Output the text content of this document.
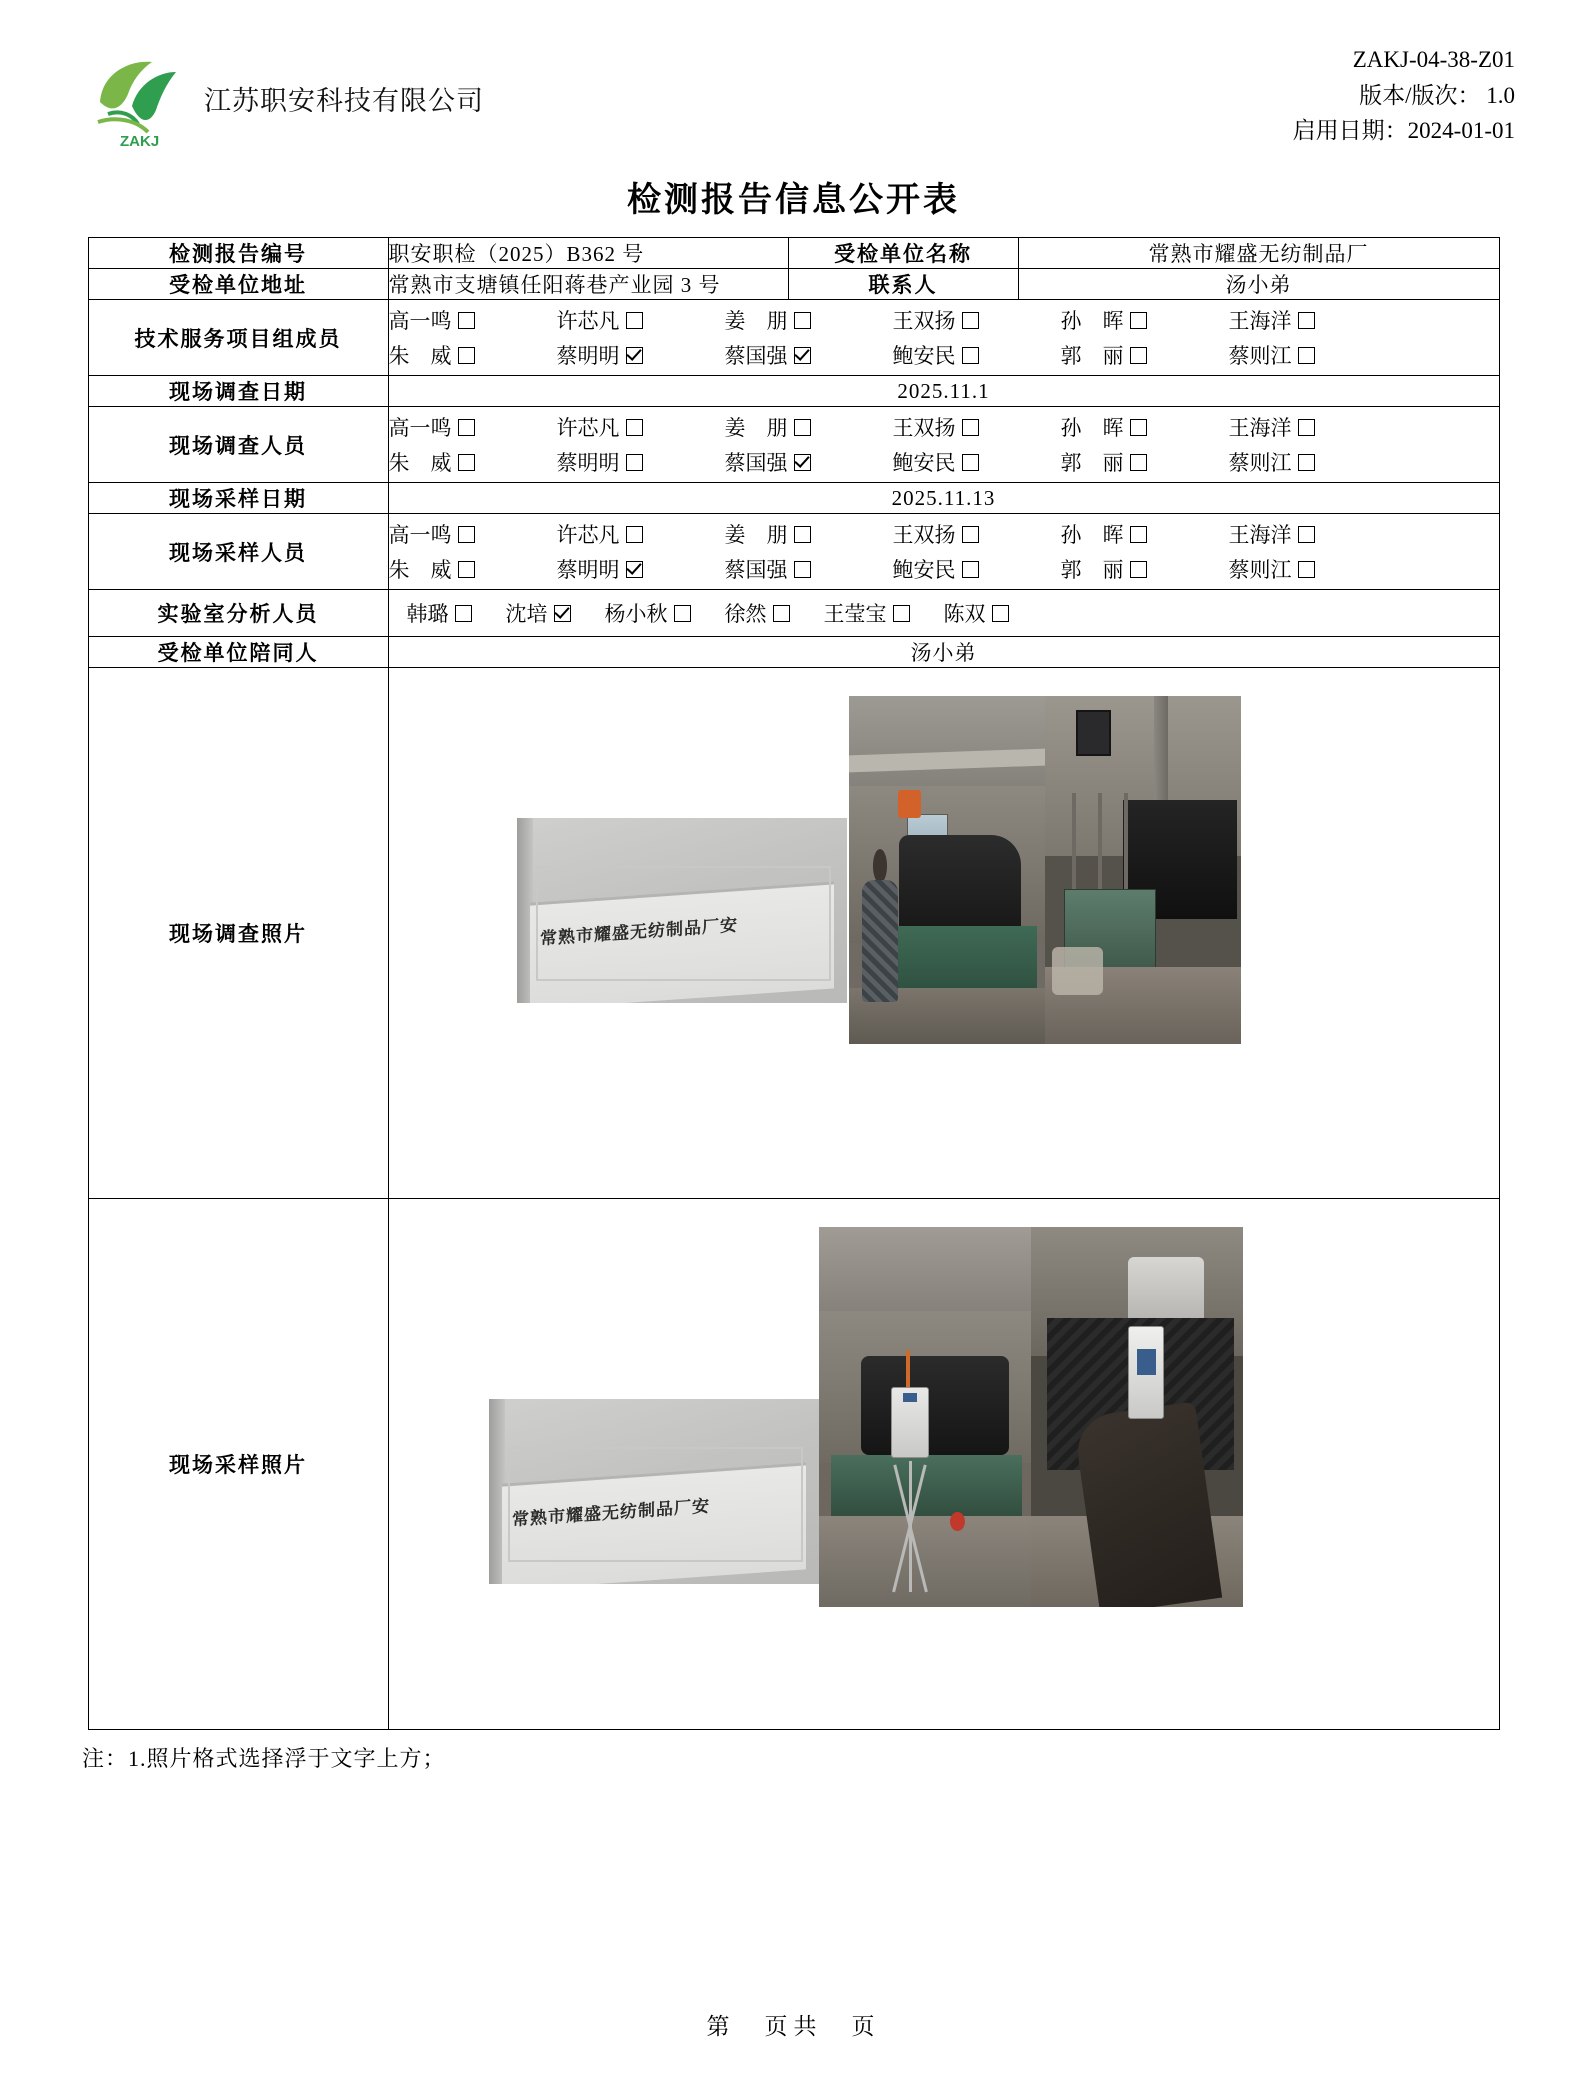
ZAKJ
江苏职安科技有限公司
ZAKJ-04-38-Z01
版本/版次： 1.0
启用日期：2024-01-01
检测报告信息公开表
检测报告编号	职安职检（2025）B362 号	受检单位名称	常熟市耀盛无纺制品厂
受检单位地址	常熟市支塘镇任阳蒋巷产业园 3 号	联系人	汤小弟
技术服务项目组成员	
高一鸣	许芯凡	姜　朋	王双扬	孙　晖	王海洋
朱　威	蔡明明	蔡国强	鲍安民	郭　丽	蔡则江

现场调查日期	2025.11.1		
现场调查人员	
高一鸣	许芯凡	姜　朋	王双扬	孙　晖	王海洋
朱　威	蔡明明	蔡国强	鲍安民	郭　丽	蔡则江

现场采样日期	2025.11.13		
现场采样人员	
高一鸣	许芯凡	姜　朋	王双扬	孙　晖	王海洋
朱　威	蔡明明	蔡国强	鲍安民	郭　丽	蔡则江

实验室分析人员	韩璐	沈培	杨小秋	徐然	王莹宝	陈双

受检单位陪同人	汤小弟		
现场调查照片	常熟市耀盛无纺制品厂安		

现场采样照片	常熟市耀盛无纺制品厂安		
注：1.照片格式选择浮于文字上方；
第　页共　页
